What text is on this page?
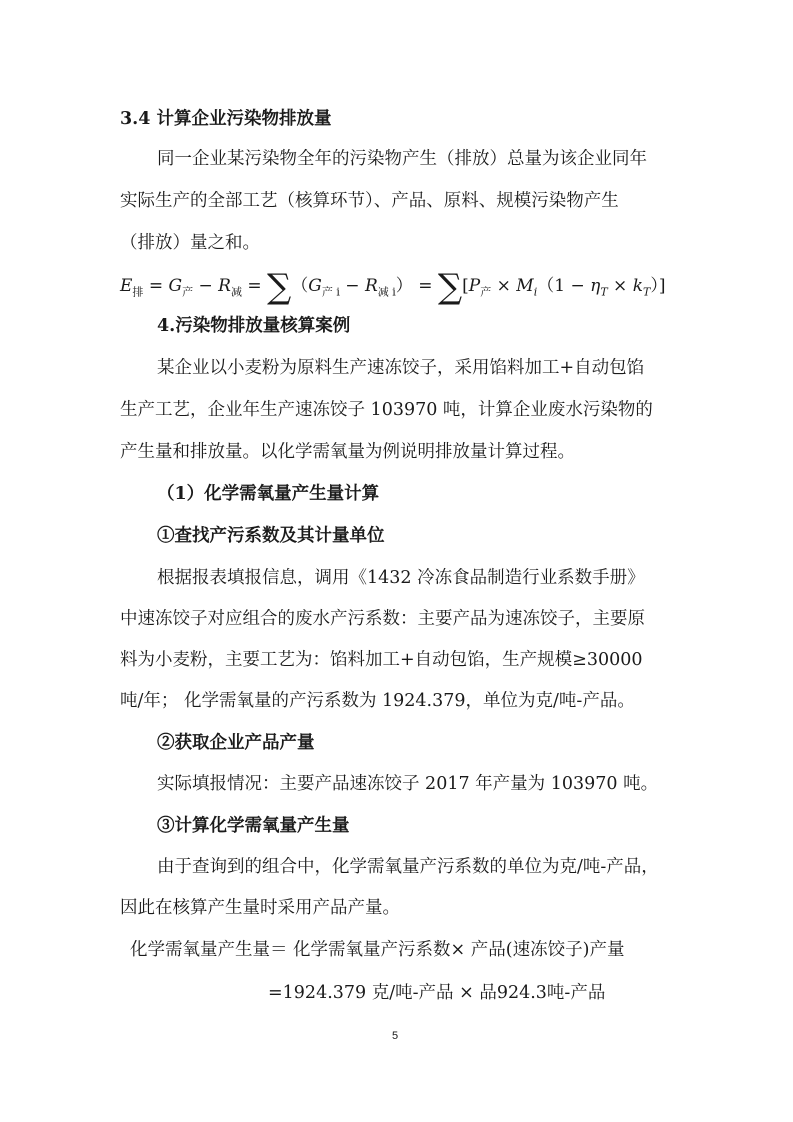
3.4 计算企业污染物排放量
同一企业某污染物全年的污染物产生（排放）总量为该企业同年
实际生产的全部工艺（核算环节）、产品、原料、规模污染物产生
（排放）量之和。
$E_排 = G_产 - R_减 = \sum(G_{产 i} - R_{减 i}) = \sum[P_产 \times M_i(1 - \eta_T \times k_T)]$
4.污染物排放量核算案例
某企业以小麦粉为原料生产速冻饺子，采用馅料加工+自动包馅
生产工艺，企业年生产速冻饺子 103970 吨，计算企业废水污染物的
产生量和排放量。以化学需氧量为例说明排放量计算过程。
（1）化学需氧量产生量计算
①查找产污系数及其计量单位
根据报表填报信息，调用《1432 冷冻食品制造行业系数手册》
中速冻饺子对应组合的废水产污系数：主要产品为速冻饺子，主要原
料为小麦粉，主要工艺为：馅料加工+自动包馅，生产规模≥30000
吨/年； 化学需氧量的产污系数为 1924.379，单位为克/吨-产品。
②获取企业产品产量
实际填报情况：主要产品速冻饺子 2017 年产量为 103970 吨。
③计算化学需氧量产生量
由于查询到的组合中，化学需氧量产污系数的单位为克/吨-产品，
因此在核算产生量时采用产品产量。
化学需氧量产生量＝ 化学需氧量产污系数× 产品(速冻饺子)产量
=1924.379 克/吨-产品 × 品924.3吨-产品
5
